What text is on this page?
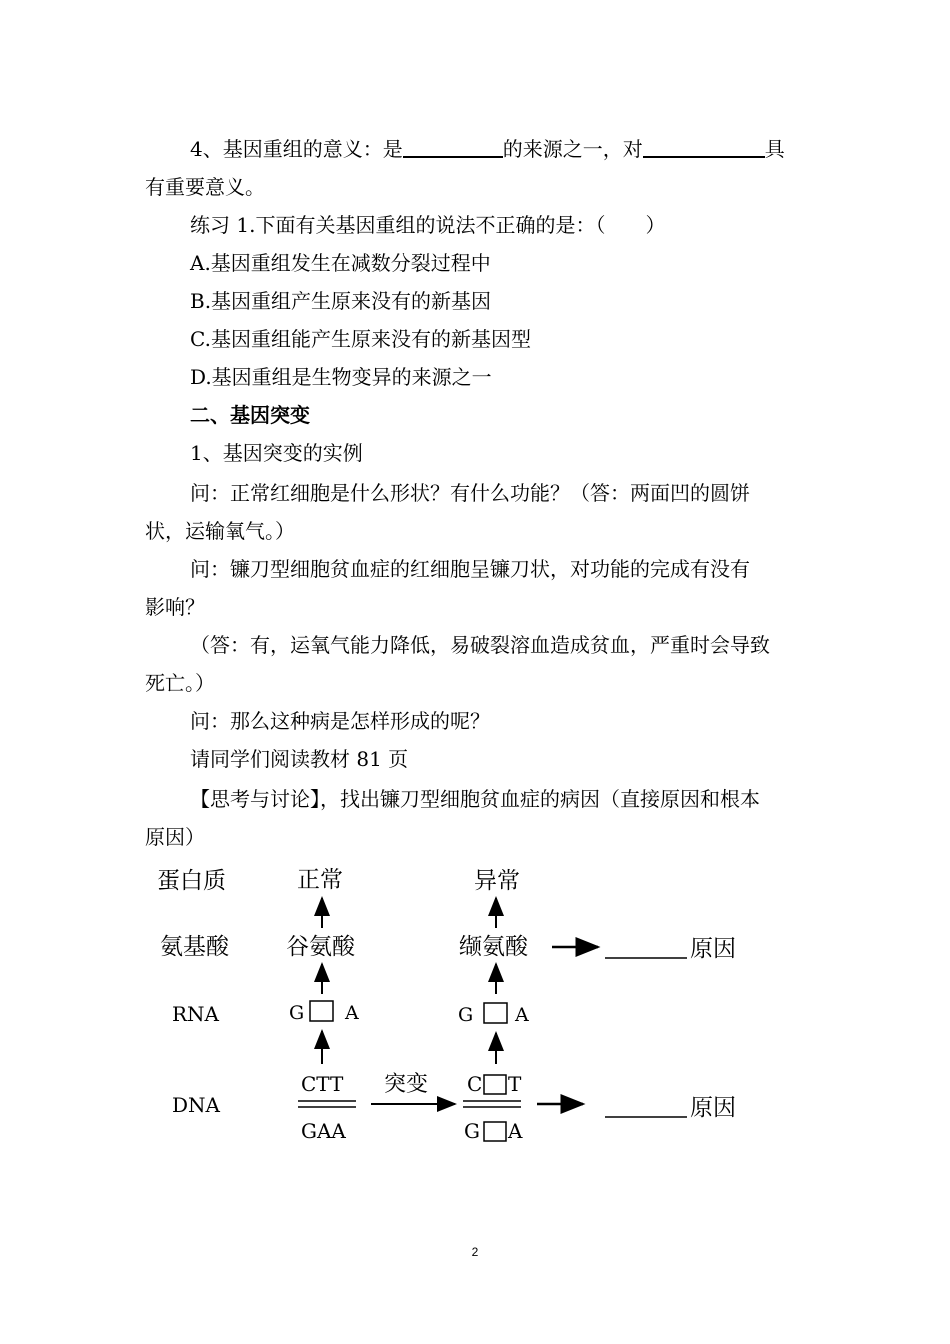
4、基因重组的意义：是	的来源之一，对	具
有重要意义。
练习 1.下面有关基因重组的说法不正确的是：（　　）
A.基因重组发生在减数分裂过程中
B.基因重组产生原来没有的新基因
C.基因重组能产生原来没有的新基因型
D.基因重组是生物变异的来源之一
二、基因突变
1、基因突变的实例
问：正常红细胞是什么形状？有什么功能？（答：两面凹的圆饼
状，运输氧气。）
问：镰刀型细胞贫血症的红细胞呈镰刀状，对功能的完成有没有
影响？
（答：有，运氧气能力降低，易破裂溶血造成贫血，严重时会导致
死亡。）
问：那么这种病是怎样形成的呢？
请同学们阅读教材 81 页
【思考与讨论】，找出镰刀型细胞贫血症的病因（直接原因和根本
原因）
蛋白质
氨基酸
RNA
DNA
正常
谷氨酸
G A
CTT
GAA
突变
异常
缬氨酸	原因
G A
C T
G A
原因
2
